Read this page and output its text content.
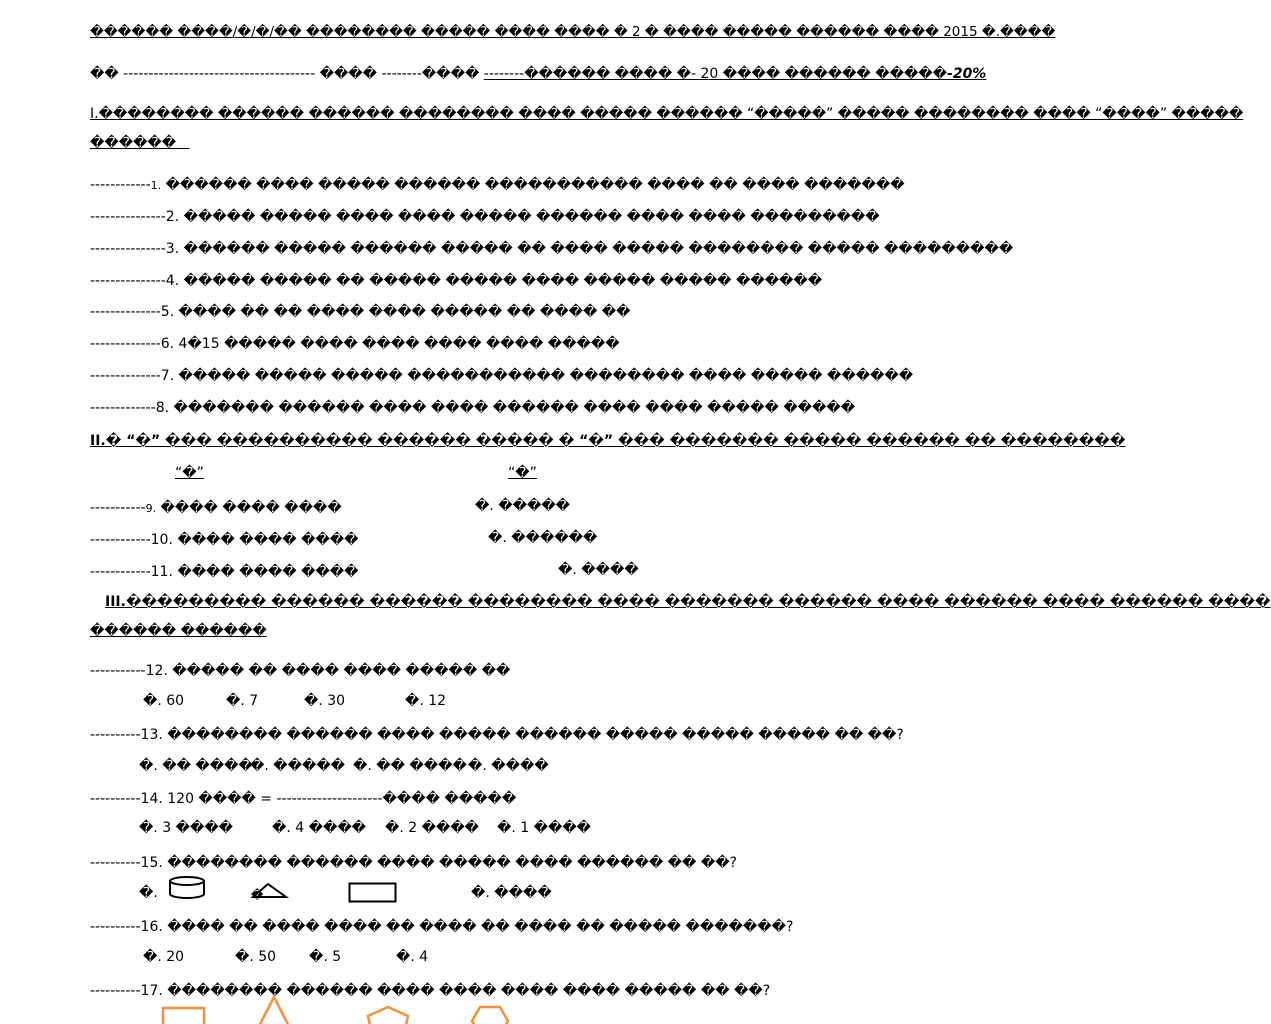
������ ����/�/�/�� �������� ����� ���� ���� � 2 � ���� ����� ������ ���� 2015 �.����
�� -------------------------------------- ���� --------���� --------������ ���� �- 20 ���� ������ �����-20%
I.�������� ������ ������ �������� ���� ����� ������ “�����” ����� �������� ���� “����” �����
������
------------1. ������ ���� ����� ������ ����������� ���� �� ���� �������
---------------2. ����� ����� ���� ���� ����� ������ ���� ���� ���������
---------------3. ������ ����� ������ ����� �� ���� ����� �������� ����� ���������
---------------4. ����� ����� �� ����� ����� ���� ����� ����� ������
--------------5. ���� �� �� ���� ���� ����� �� ���� ��
--------------6. 4�15 ����� ���� ���� ���� ���� �����
--------------7. ����� ����� ����� ����������� �������� ���� ����� ������
-------------8. ������� ������ ���� ���� ������ ���� ���� ����� �����
II.� “�” ��� ���������� ������ ����� � “�” ��� ������� ����� ������ �� ��������
“�”	“�”
-----------9. ���� ���� ����	�. �����
------------10. ���� ���� ����	�. ������
------------11. ���� ���� ����	�. ����
III.��������� ������ ������ �������� ���� ������� ������ ���� ������ ���� ������ ����
������ ������
-----------12. ����� �� ���� ���� ����� ��
�. 60	�. 7	�. 30	�. 12
----------13. �������� ������ ���� ����� ������ ����� ����� ����� �� ��?
�. �� ����
�. ����� �. �� ���� �. ����
----------14. 120 ���� = ---------------------���� �����
�. 3 ����	�. 4 ���� �. 2 ���� �. 1 ����
----------15. �������� ������ ���� ����� ���� ������ �� ��?
�.	�	�. ����
----------16. ���� �� ���� ���� �� ���� �� ���� �� ����� �������?
�. 20	�. 50 �. 5	�. 4
----------17. �������� ������ ���� ���� ���� ���� ����� �� ��?
